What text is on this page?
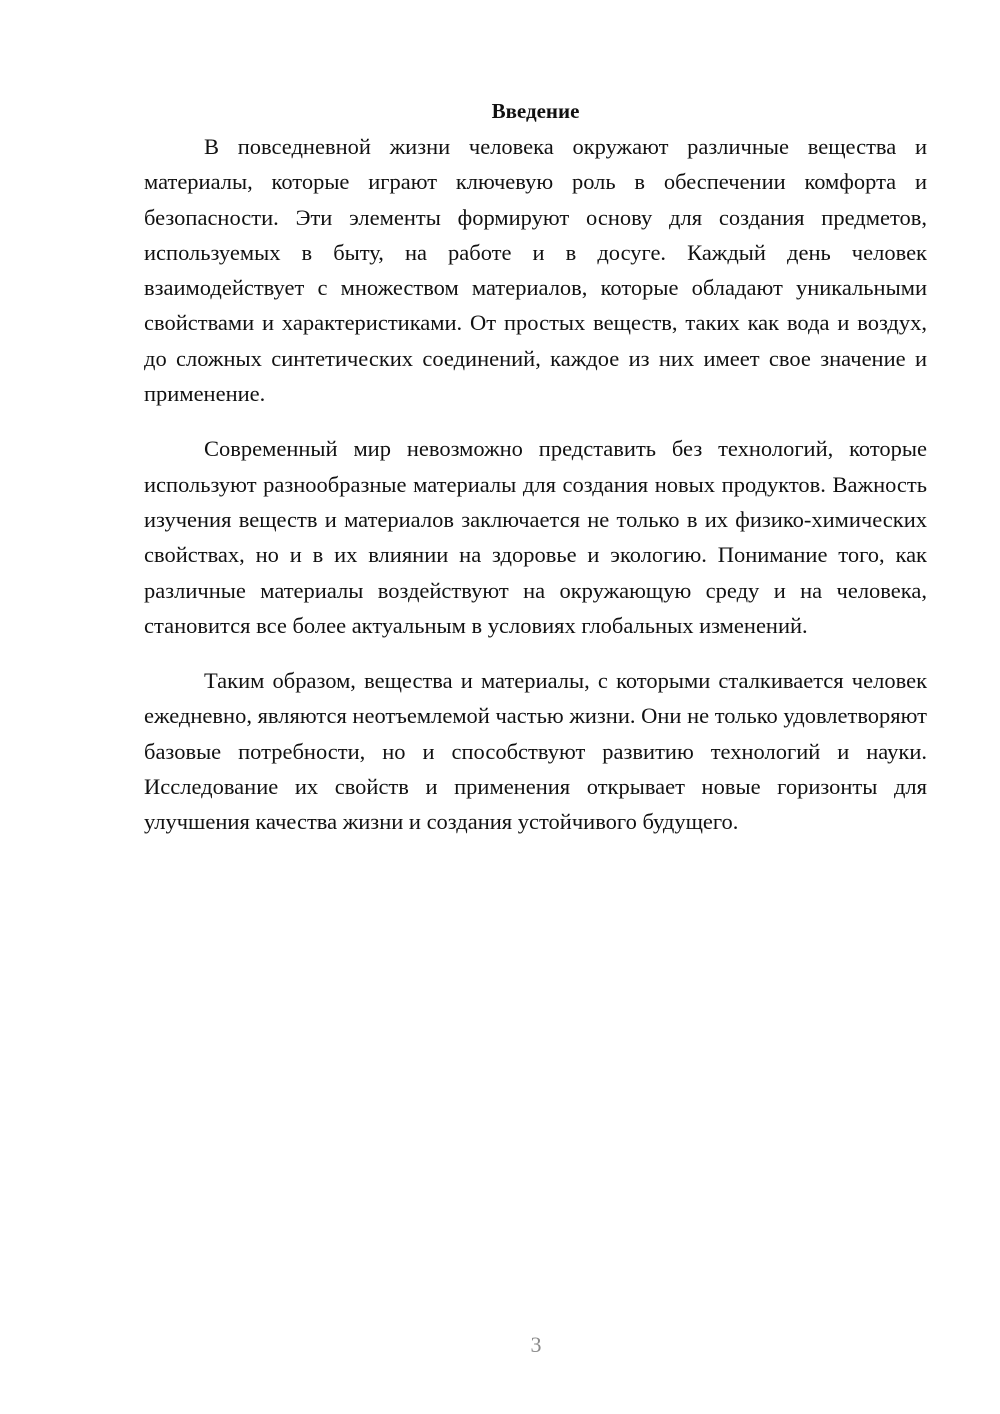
Введение

В повседневной жизни человека окружают различные вещества и материалы, которые играют ключевую роль в обеспечении комфорта и безопасности. Эти элементы формируют основу для создания предметов, используемых в быту, на работе и в досуге. Каждый день человек взаимодействует с множеством материалов, которые обладают уникальными свойствами и характеристиками. От простых веществ, таких как вода и воздух, до сложных синтетических соединений, каждое из них имеет свое значение и применение.

Современный мир невозможно представить без технологий, которые используют разнообразные материалы для создания новых продуктов. Важность изучения веществ и материалов заключается не только в их физико-химических свойствах, но и в их влиянии на здоровье и экологию. Понимание того, как различные материалы воздействуют на окружающую среду и на человека, становится все более актуальным в условиях глобальных изменений.

Таким образом, вещества и материалы, с которыми сталкивается человек ежедневно, являются неотъемлемой частью жизни. Они не только удовлетворяют базовые потребности, но и способствуют развитию технологий и науки. Исследование их свойств и применения открывает новые горизонты для улучшения качества жизни и создания устойчивого будущего.

3
